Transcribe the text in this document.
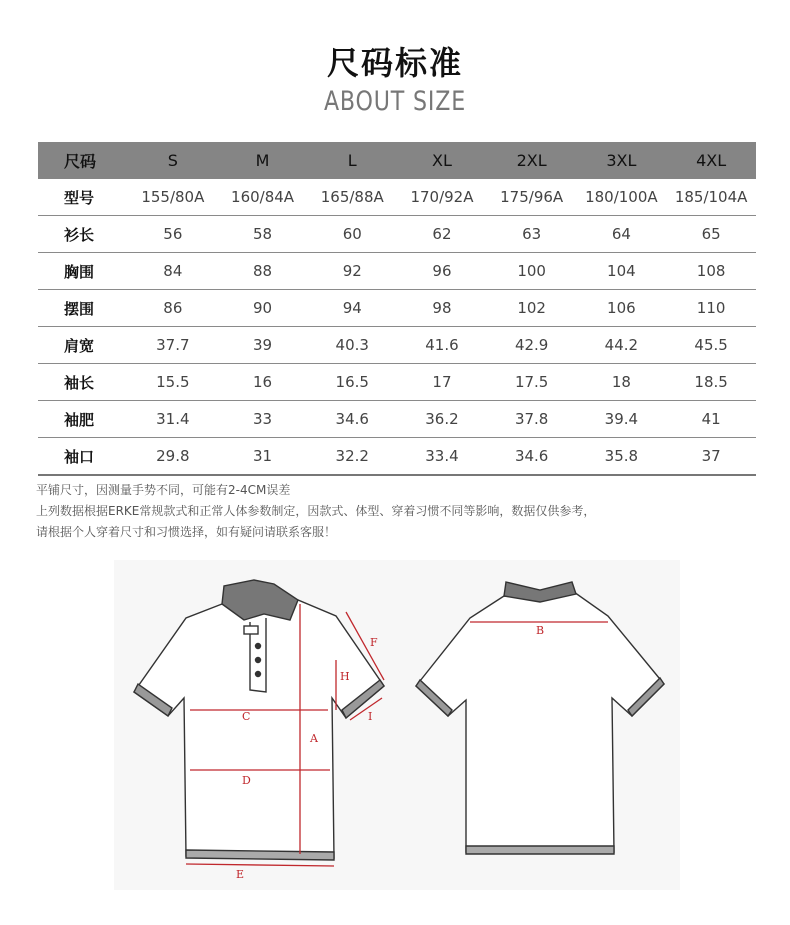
尺码标准
ABOUT SIZE
尺码	S	M	L	XL	2XL	3XL	4XL
型号	155/80A	160/84A	165/88A	170/92A	175/96A	180/100A	185/104A
衫长	56	58	60	62	63	64	65
胸围	84	88	92	96	100	104	108
摆围	86	90	94	98	102	106	110
肩宽	37.7	39	40.3	41.6	42.9	44.2	45.5
袖长	15.5	16	16.5	17	17.5	18	18.5
袖肥	31.4	33	34.6	36.2	37.8	39.4	41
袖口	29.8	31	32.2	33.4	34.6	35.8	37
平铺尺寸，因测量手势不同，可能有2-4CM误差
上列数据根据ERKE常规款式和正常人体参数制定，因款式、体型、穿着习惯不同等影响，数据仅供参考，
请根据个人穿着尺寸和习惯选择，如有疑问请联系客服！
A
B
C
D
E
F
H
I
